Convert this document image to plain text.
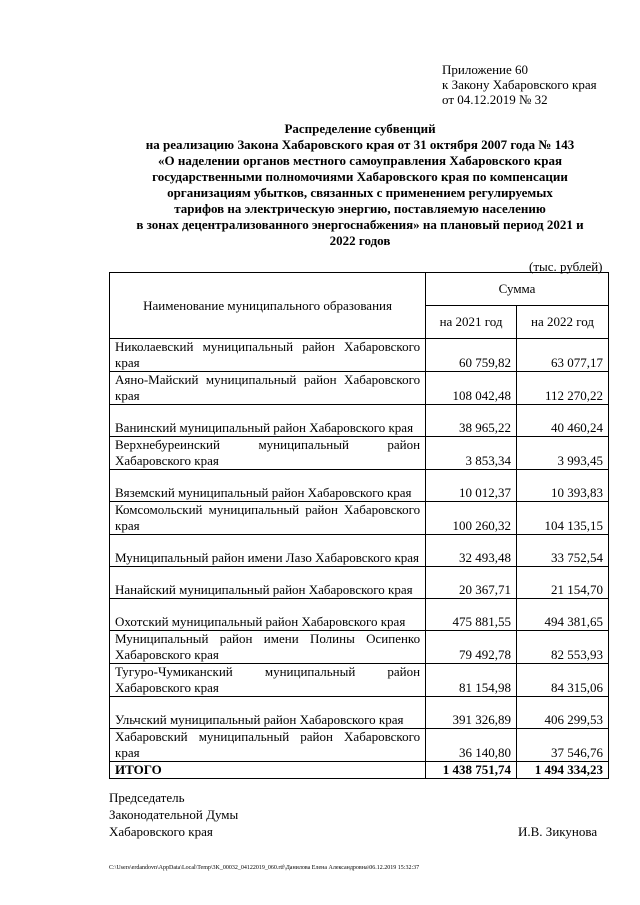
Приложение 60
к Закону Хабаровского края
от 04.12.2019 № 32
Распределение субвенций
на реализацию Закона Хабаровского края от 31 октября 2007 года № 143
«О наделении органов местного самоуправления Хабаровского края
государственными полномочиями Хабаровского края по компенсации
организациям убытков, связанных с применением регулируемых
тарифов на электрическую энергию, поставляемую населению
в зонах децентрализованного энергоснабжения» на плановый период 2021 и
2022 годов
(тыс. рублей)
Наименование муниципального образования	Сумма	
	на 2021 год	на 2022 год
Николаевский муниципальный район Хабаровского края	60 759,82	63 077,17
Аяно-Майский муниципальный район Хабаровского края	108 042,48	112 270,22
Ванинский муниципальный район Хабаровского края	38 965,22	40 460,24
Верхнебуреинский муниципальный район Хабаровского края	3 853,34	3 993,45
Вяземский муниципальный район Хабаровского края	10 012,37	10 393,83
Комсомольский муниципальный район Хабаровского края	100 260,32	104 135,15
Муниципальный район имени Лазо Хабаровского края	32 493,48	33 752,54
Нанайский муниципальный район Хабаровского края	20 367,71	21 154,70
Охотский муниципальный район Хабаровского края	475 881,55	494 381,65
Муниципальный район имени Полины Осипенко Хабаровского края	79 492,78	82 553,93
Тугуро-Чумиканский муниципальный район Хабаровского края	81 154,98	84 315,06
Ульчский муниципальный район Хабаровского края	391 326,89	406 299,53
Хабаровский муниципальный район Хабаровского края	36 140,80	37 546,76
ИТОГО	1 438 751,74	1 494 334,23
Председатель
Законодательной Думы
Хабаровского края	И.В. Зикунова
C:\Users\erdandovn\AppData\Local\Temp\3K_00032_04122019_060.rtf\Данилова Елена Александровна\06.12.2019 15:32:37
